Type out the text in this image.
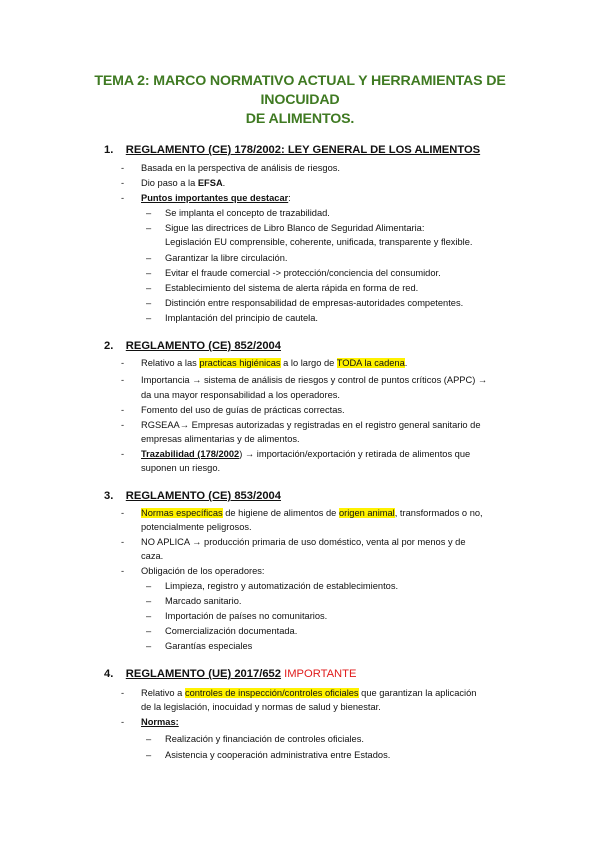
TEMA 2: MARCO NORMATIVO ACTUAL Y HERRAMIENTAS DE INOCUIDAD
DE ALIMENTOS.
1. REGLAMENTO (CE) 178/2002: LEY GENERAL DE LOS ALIMENTOS
- Basada en la perspectiva de análisis de riesgos.
- Dio paso a la EFSA.
- Puntos importantes que destacar:
– Se implanta el concepto de trazabilidad.
– Sigue las directrices de Libro Blanco de Seguridad Alimentaria:
Legislación EU comprensible, coherente, unificada, transparente y flexible.
– Garantizar la libre circulación.
– Evitar el fraude comercial -> protección/conciencia del consumidor.
– Establecimiento del sistema de alerta rápida en forma de red.
– Distinción entre responsabilidad de empresas-autoridades competentes.
– Implantación del principio de cautela.
2. REGLAMENTO (CE) 852/2004
- Relativo a las practicas higiénicas a lo largo de TODA la cadena.
- Importancia → sistema de análisis de riesgos y control de puntos críticos (APPC) →
da una mayor responsabilidad a los operadores.
- Fomento del uso de guías de prácticas correctas.
- RGSEAA→ Empresas autorizadas y registradas en el registro general sanitario de
empresas alimentarias y de alimentos.
- Trazabilidad (178/2002) → importación/exportación y retirada de alimentos que
suponen un riesgo.
3. REGLAMENTO (CE) 853/2004
- Normas específicas de higiene de alimentos de origen animal, transformados o no,
potencialmente peligrosos.
- NO APLICA → producción primaria de uso doméstico, venta al por menos y de
caza.
- Obligación de los operadores:
– Limpieza, registro y automatización de establecimientos.
– Marcado sanitario.
– Importación de países no comunitarios.
– Comercialización documentada.
– Garantías especiales
4. REGLAMENTO (UE) 2017/652 IMPORTANTE
- Relativo a controles de inspección/controles oficiales que garantizan la aplicación
de la legislación, inocuidad y normas de salud y bienestar.
- Normas:
– Realización y financiación de controles oficiales.
– Asistencia y cooperación administrativa entre Estados.
